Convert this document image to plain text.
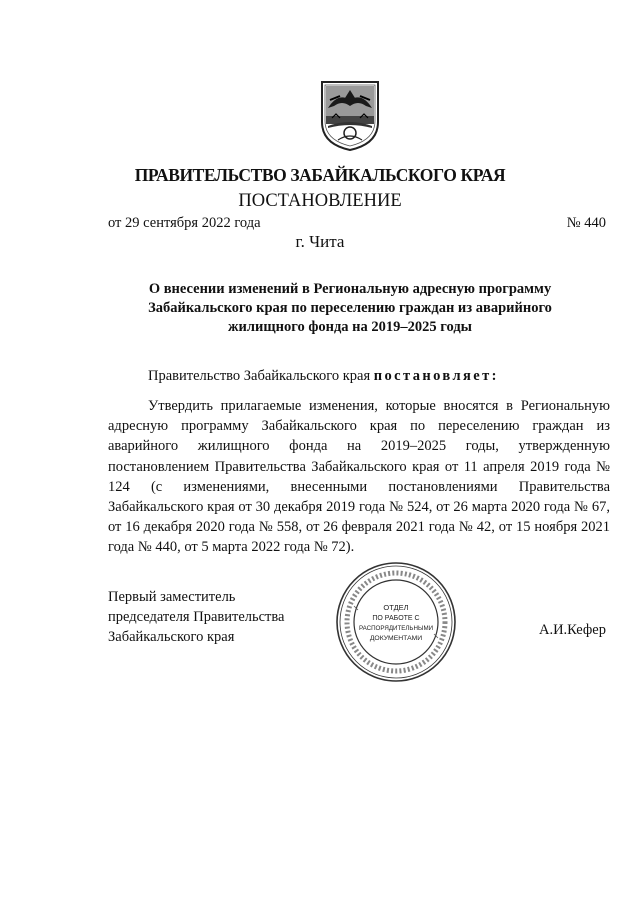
ПРАВИТЕЛЬСТВО ЗАБАЙКАЛЬСКОГО КРАЯ
ПОСТАНОВЛЕНИЕ
от 29 сентября 2022 года	№ 440
г. Чита
О внесении изменений в Региональную адресную программу
Забайкальского края по переселению граждан из аварийного
жилищного фонда на 2019–2025 годы
Правительство Забайкальского края постановляет:

Утвердить прилагаемые изменения, которые вносятся в Региональную адресную программу Забайкальского края по переселению граждан из аварийного жилищного фонда на 2019–2025 годы, утвержденную постановлением Правительства Забайкальского края от 11 апреля 2019 года № 124 (с изменениями, внесенными постановлениями Правительства Забайкальского края от 30 декабря 2019 года № 524, от 26 марта 2020 года № 67, от 16 декабря 2020 года № 558, от 26 февраля 2021 года № 42, от 15 ноября 2021 года № 440, от 5 марта 2022 года № 72).

Первый заместитель
председателя Правительства
Забайкальского края
ОТДЕЛ
ПО РАБОТЕ С
РАСПОРЯДИТЕЛЬНЫМИ
ДОКУМЕНТАМИ
А.И.Кефер
